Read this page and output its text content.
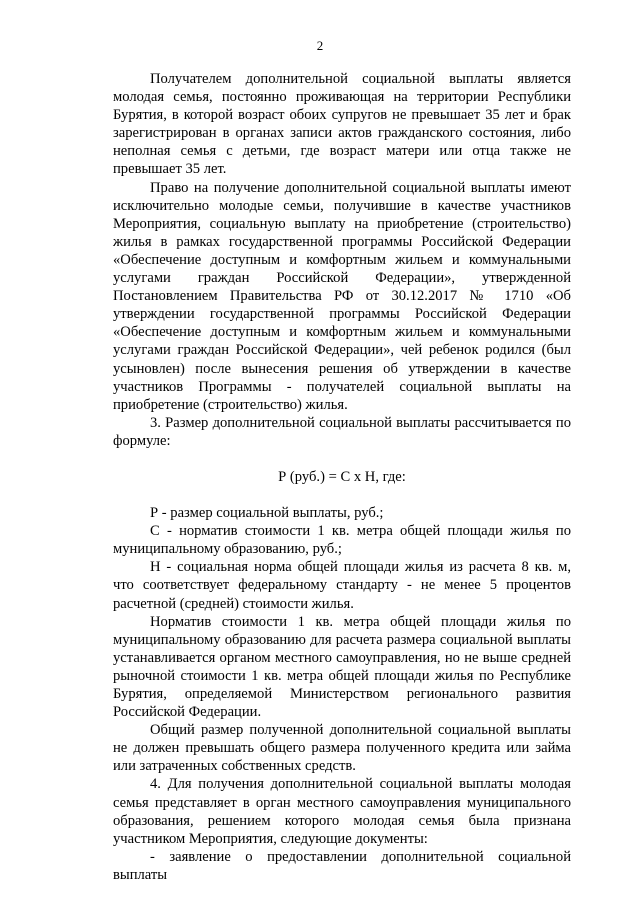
2

Получателем дополнительной социальной выплаты является молодая семья, постоянно проживающая на территории Республики Бурятия, в которой возраст обоих супругов не превышает 35 лет и брак зарегистрирован в органах записи актов гражданского состояния, либо неполная семья с детьми, где возраст матери или отца также не превышает 35 лет.

Право на получение дополнительной социальной выплаты имеют исключительно молодые семьи, получившие в качестве участников Мероприятия, социальную выплату на приобретение (строительство) жилья в рамках государственной программы Российской Федерации «Обеспечение доступным и комфортным жильем и коммунальными услугами граждан Российской Федерации», утвержденной Постановлением Правительства РФ от 30.12.2017 № 1710 «Об утверждении государственной программы Российской Федерации «Обеспечение доступным и комфортным жильем и коммунальными услугами граждан Российской Федерации», чей ребенок родился (был усыновлен) после вынесения решения об утверждении в качестве участников Программы - получателей социальной выплаты на приобретение (строительство) жилья.

3. Размер дополнительной социальной выплаты рассчитывается по формуле:

Р (руб.) = С х Н, где:

Р - размер социальной выплаты, руб.;

С - норматив стоимости 1 кв. метра общей площади жилья по муниципальному образованию, руб.;

Н - социальная норма общей площади жилья из расчета 8 кв. м, что соответствует федеральному стандарту - не менее 5 процентов расчетной (средней) стоимости жилья.

Норматив стоимости 1 кв. метра общей площади жилья по муниципальному образованию для расчета размера социальной выплаты устанавливается органом местного самоуправления, но не выше средней рыночной стоимости 1 кв. метра общей площади жилья по Республике Бурятия, определяемой Министерством регионального развития Российской Федерации.

Общий размер полученной дополнительной социальной выплаты не должен превышать общего размера полученного кредита или займа или затраченных собственных средств.

4. Для получения дополнительной социальной выплаты молодая семья представляет в орган местного самоуправления муниципального образования, решением которого молодая семья была признана участником Мероприятия, следующие документы:

- заявление о предоставлении дополнительной социальной выплаты
